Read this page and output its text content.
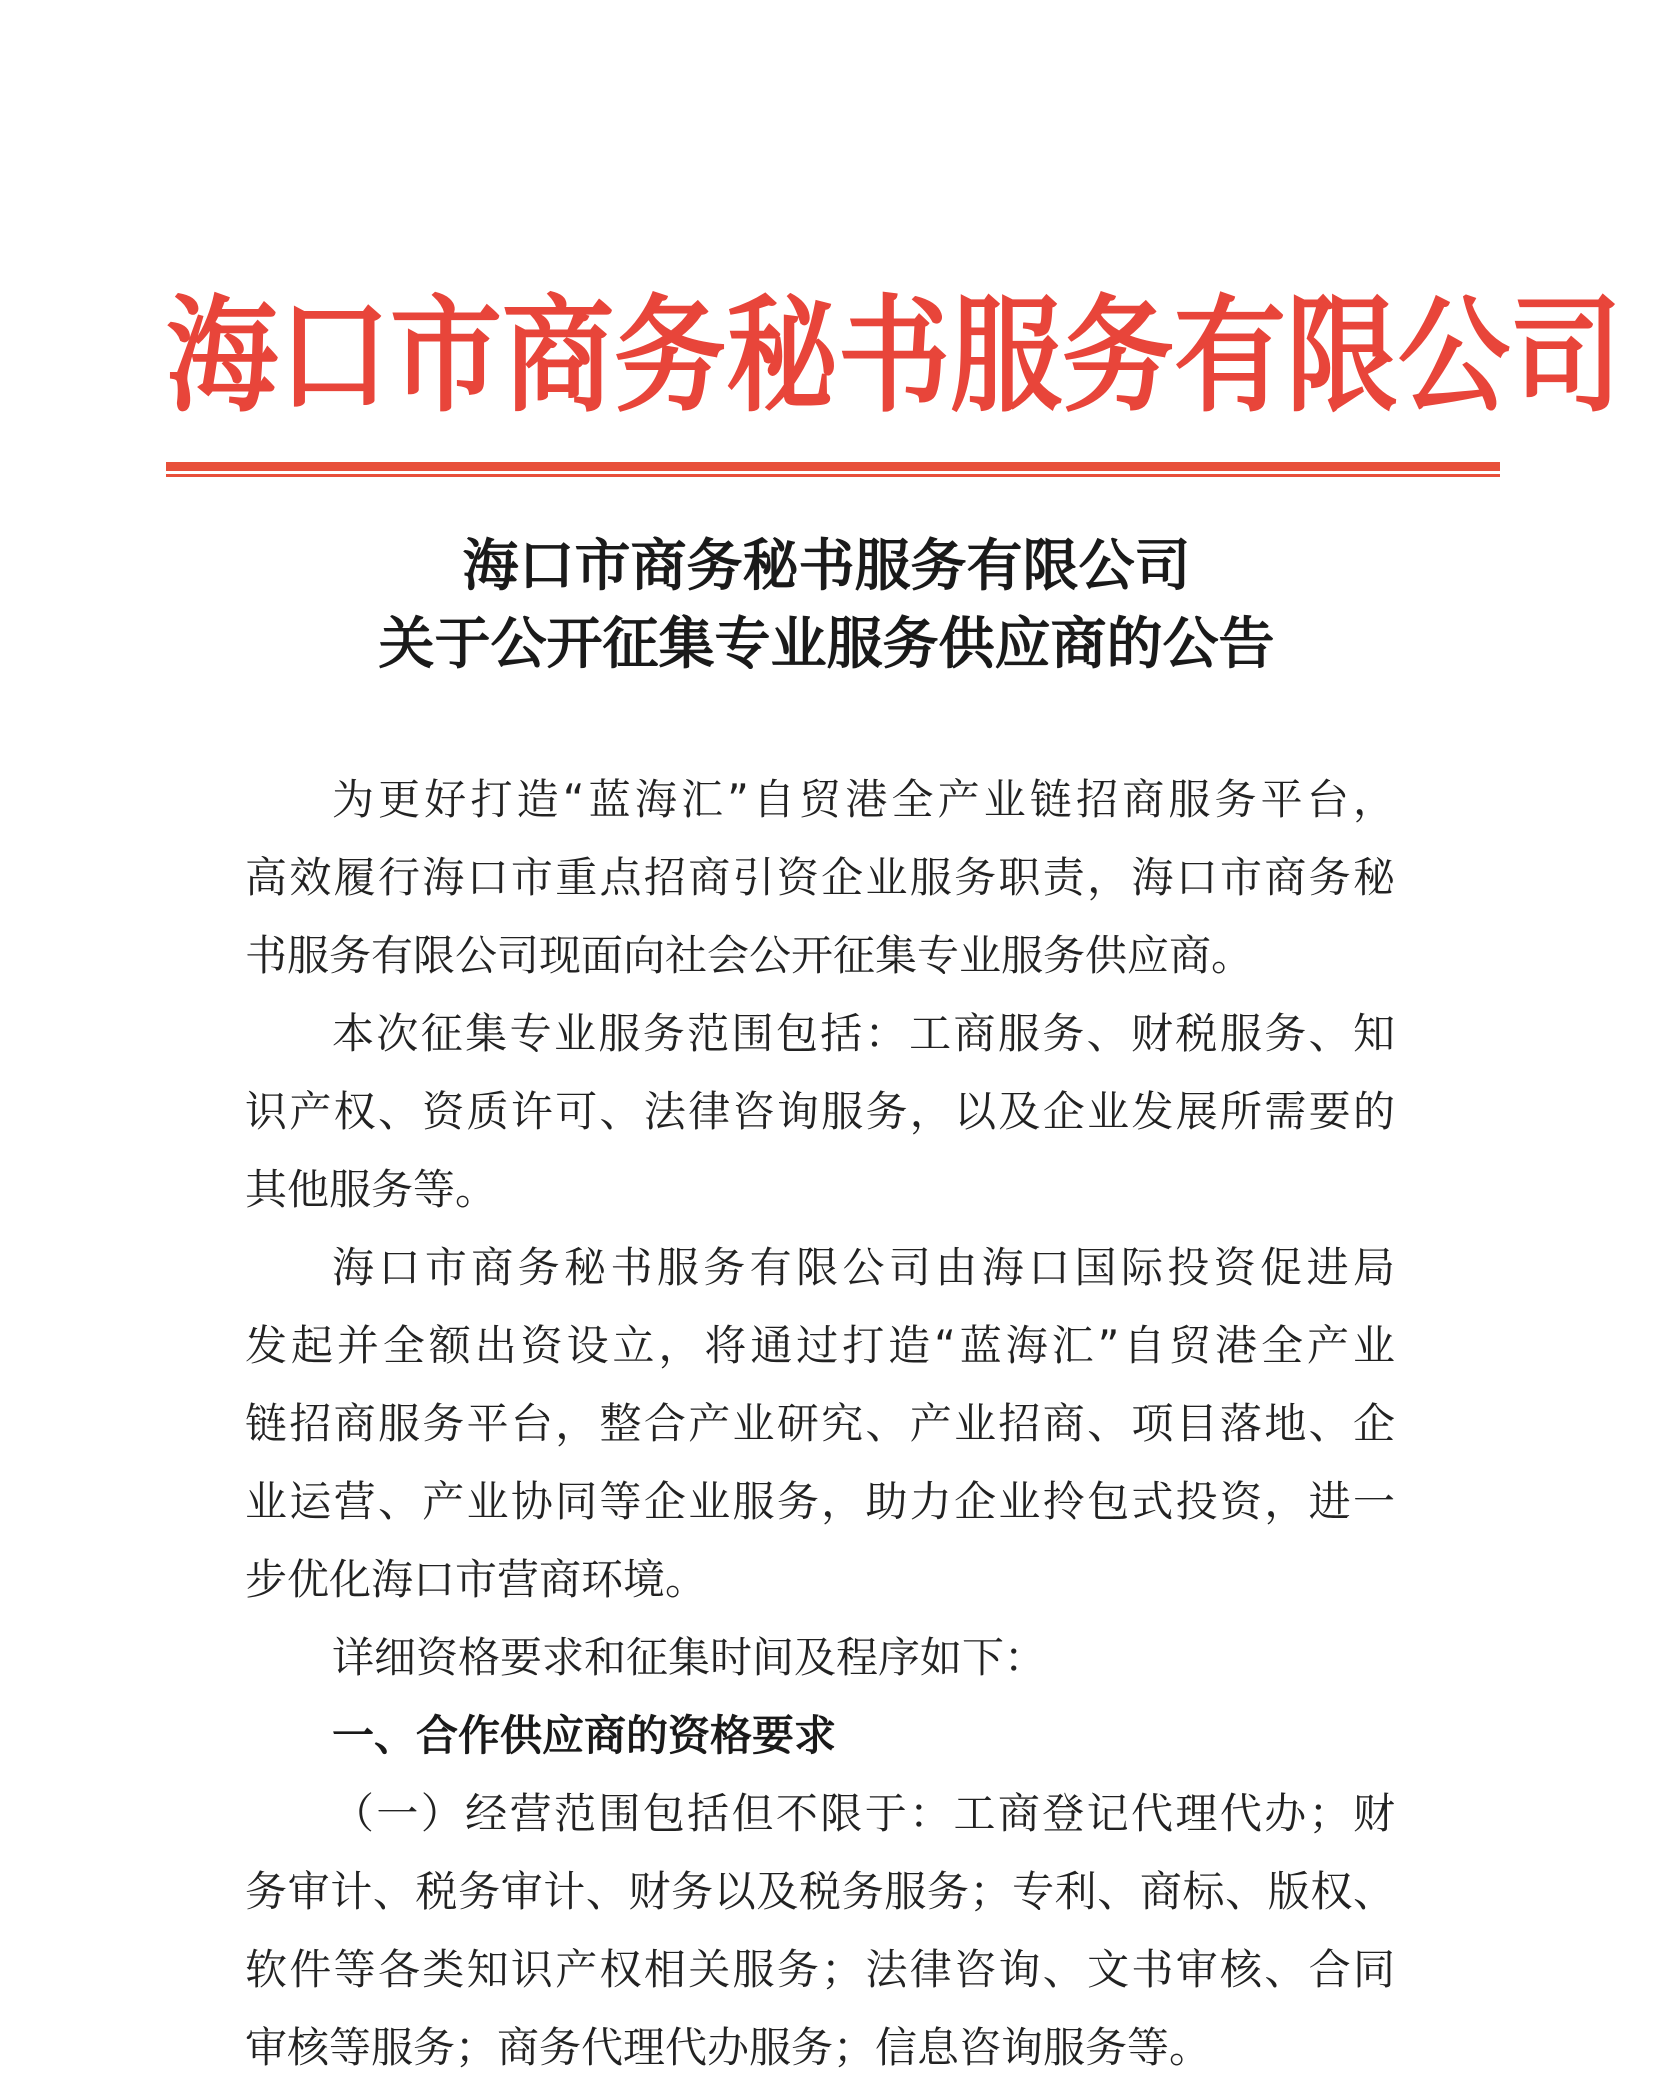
海 口 市 商 务 秘 书 服 务 有 限 公 司
海口市商务秘书服务有限公司
关于公开征集专业服务供应商的公告
为更好打造“蓝海汇”自贸港全产业链招商服务平台，
高效履行海口市重点招商引资企业服务职责，海口市商务秘
书服务有限公司现面向社会公开征集专业服务供应商。
本次征集专业服务范围包括：工商服务、财税服务、知
识产权、资质许可、法律咨询服务，以及企业发展所需要的
其他服务等。
海口市商务秘书服务有限公司由海口国际投资促进局
发起并全额出资设立，将通过打造“蓝海汇”自贸港全产业
链招商服务平台，整合产业研究、产业招商、项目落地、企
业运营、产业协同等企业服务，助力企业拎包式投资，进一
步优化海口市营商环境。
详细资格要求和征集时间及程序如下：
一、合作供应商的资格要求
（一）经营范围包括但不限于：工商登记代理代办；财
务审计、税务审计、财务以及税务服务；专利、商标、版权、
软件等各类知识产权相关服务；法律咨询、文书审核、合同
审核等服务；商务代理代办服务；信息咨询服务等。
